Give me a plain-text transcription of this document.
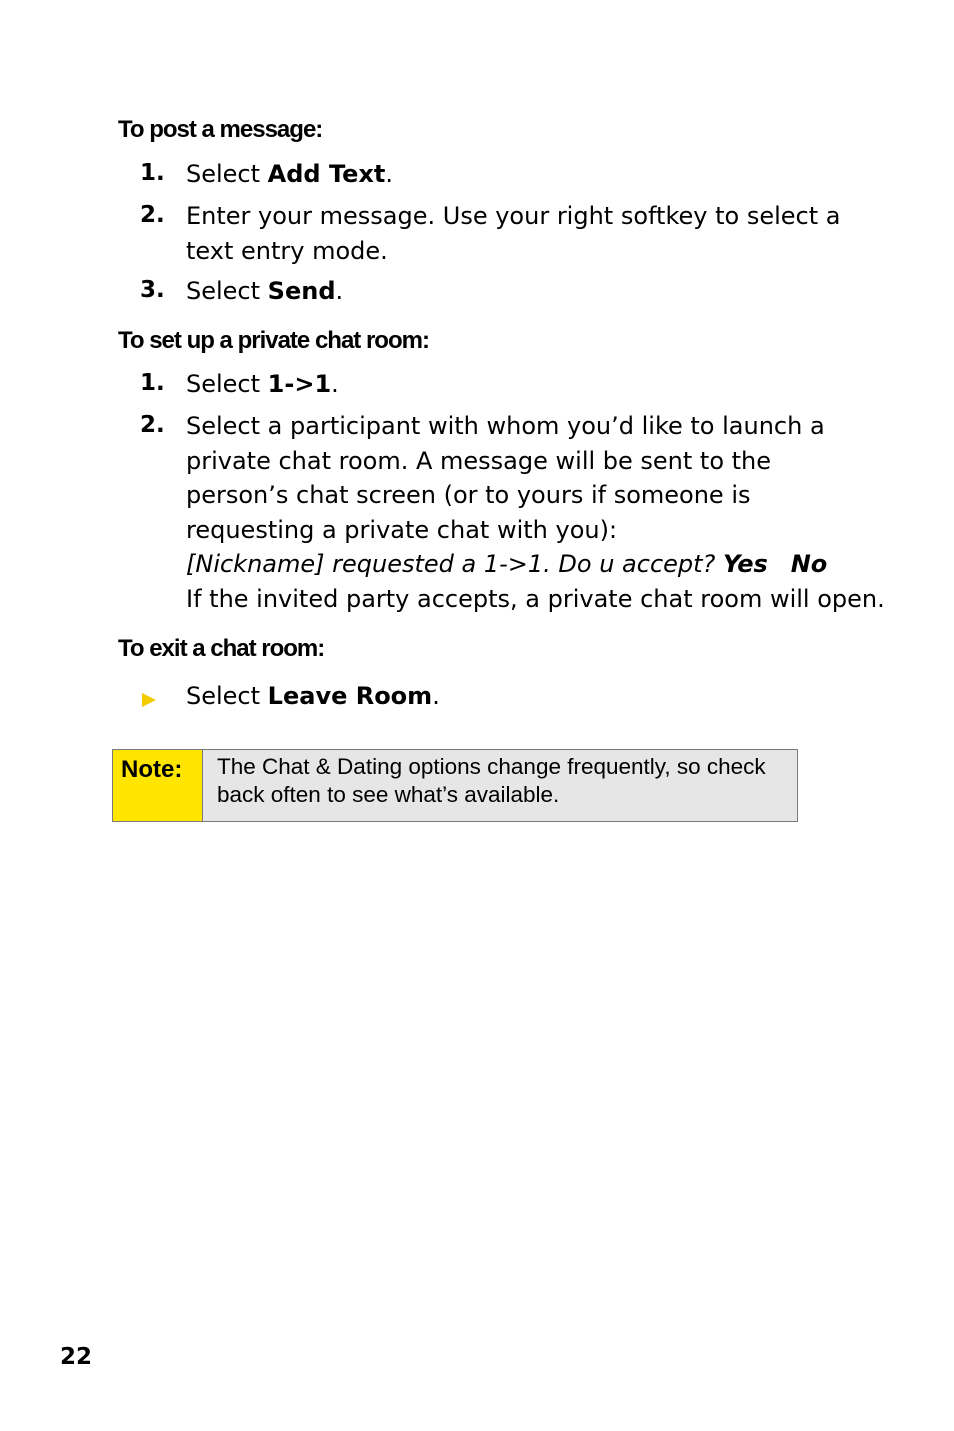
To post a message:
1. Select Add Text.
2. Enter your message. Use your right softkey to select a
text entry mode.
3. Select Send.
To set up a private chat room:
1. Select 1->1.
2. Select a participant with whom you’d like to launch a
private chat room. A message will be sent to the
person’s chat screen (or to yours if someone is
requesting a private chat with you):
[Nickname] requested a 1->1. Do u accept? Yes No
If the invited party accepts, a private chat room will open.
To exit a chat room:
Select Leave Room.
Note:	The Chat & Dating options change frequently, so check
back often to see what’s available.
22
